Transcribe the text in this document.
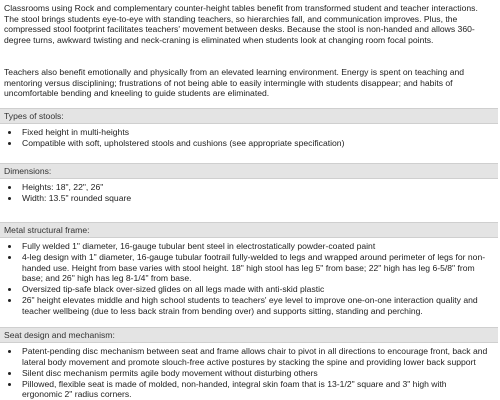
Classrooms using Rock and complementary counter-height tables benefit from transformed student and teacher interactions. The stool brings students eye-to-eye with standing teachers, so hierarchies fall, and communication improves. Plus, the compressed stool footprint facilitates teachers' movement between desks. Because the stool is non-handed and allows 360-degree turns, awkward twisting and neck-craning is eliminated when students look at changing room focal points.

Teachers also benefit emotionally and physically from an elevated learning environment. Energy is spent on teaching and mentoring versus disciplining; frustrations of not being able to easily intermingle with students disappear; and habits of uncomfortable bending and kneeling to guide students are eliminated.

Types of stools:
Fixed height in multi-heights
Compatible with soft, upholstered stools and cushions (see appropriate specification)
Dimensions:
Heights: 18", 22", 26"
Width: 13.5" rounded square
Metal structural frame:
Fully welded 1" diameter, 16-gauge tubular bent steel in electrostatically powder-coated paint
4-leg design with 1" diameter, 16-gauge tubular footrail fully-welded to legs and wrapped around perimeter of legs for non-handed use. Height from base varies with stool height. 18" high stool has leg 5" from base; 22" high has leg 6-5/8" from base; and 26" high has leg 8-1/4" from base.
Oversized tip-safe black over-sized glides on all legs made with anti-skid plastic
26" height elevates middle and high school students to teachers' eye level to improve one-on-one interaction quality and teacher wellbeing (due to less back strain from bending over) and supports sitting, standing and perching.
Seat design and mechanism:
Patent-pending disc mechanism between seat and frame allows chair to pivot in all directions to encourage front, back and lateral body movement and promote slouch-free active postures by stacking the spine and providing lower back support
Silent disc mechanism permits agile body movement without disturbing others
Pillowed, flexible seat is made of molded, non-handed, integral skin foam that is 13-1/2" square and 3" high with ergonomic 2" radius corners.
